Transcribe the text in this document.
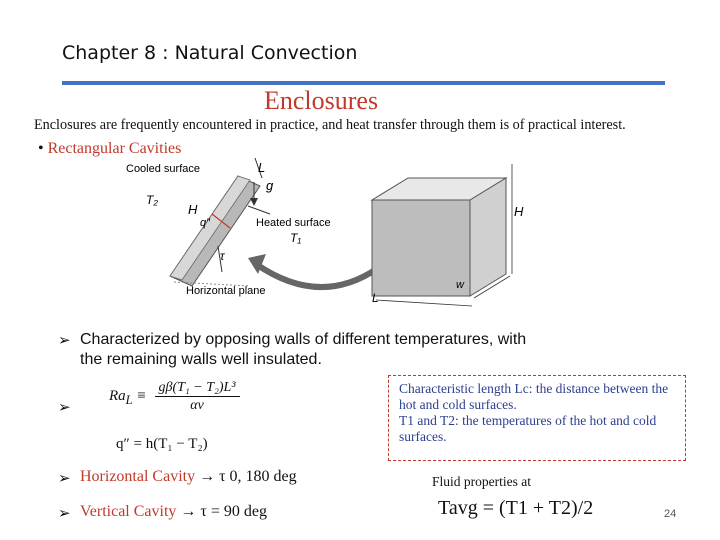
Chapter 8 : Natural Convection
Enclosures
Enclosures are frequently encountered in practice, and heat transfer through them is of practical interest.
• Rectangular Cavities
Cooled surface
T₂
H
L
g
q″	Heated surface
T₁
τ
Horizontal plane
H
L
w
➢ Characterized by opposing walls of different temperatures, with the remaining walls well insulated.
➢
$Ra_L$ ≡	gβ(T₁ − T₂)L³
αν
q″ = h(T₁ − T₂)
Characteristic length Lc: the distance between the hot and cold surfaces.
T1 and T2: the temperatures of the hot and cold surfaces.
➢ Horizontal Cavity → τ 0, 180 deg	Fluid properties at
➢ Vertical Cavity → τ = 90 deg	Tavg = (T1 + T2)/2	24
